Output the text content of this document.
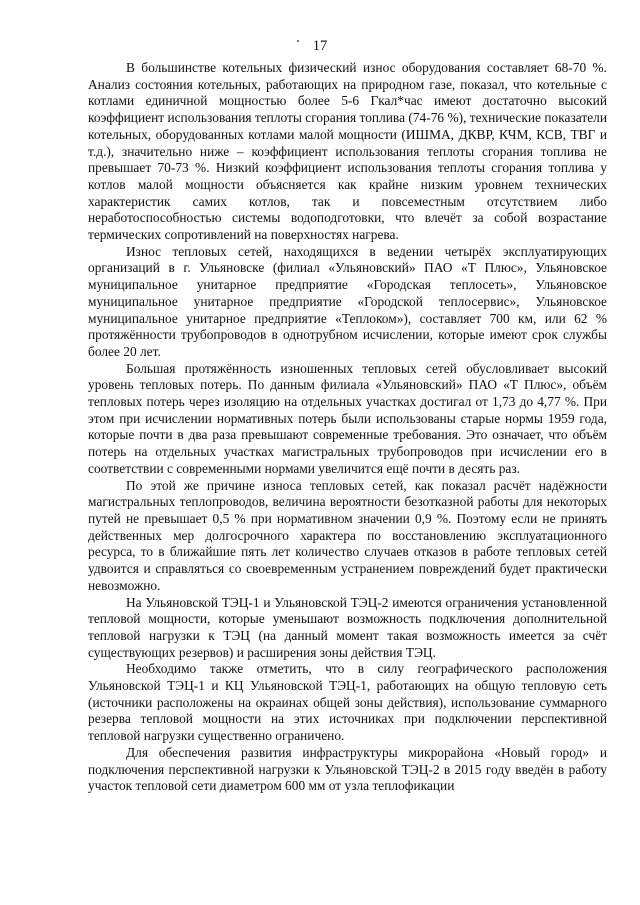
17

В большинстве котельных физический износ оборудования составляет 68-70 %. Анализ состояния котельных, работающих на природном газе, показал, что котельные с котлами единичной мощностью более 5-6 Гкал*час имеют достаточно высокий коэффициент использования теплоты сгорания топлива (74-76 %), технические показатели котельных, оборудованных котлами малой мощности (ИШМА, ДКВР, КЧМ, КСВ, ТВГ и т.д.), значительно ниже – коэффициент использования теплоты сгорания топлива не превышает 70-73 %. Низкий коэффициент использования теплоты сгорания топлива у котлов малой мощности объясняется как крайне низким уровнем технических характеристик самих котлов, так и повсеместным отсутствием либо неработоспособностью системы водоподготовки, что влечёт за собой возрастание термических сопротивлений на поверхностях нагрева.

Износ тепловых сетей, находящихся в ведении четырёх эксплуатирующих организаций в г. Ульяновске (филиал «Ульяновский» ПАО «Т Плюс», Ульяновское муниципальное унитарное предприятие «Городская теплосеть», Ульяновское муниципальное унитарное предприятие «Городской теплосервис», Ульяновское муниципальное унитарное предприятие «Теплоком»), составляет 700 км, или 62 % протяжённости трубопроводов в однотрубном исчислении, которые имеют срок службы более 20 лет.

Большая протяжённость изношенных тепловых сетей обусловливает высокий уровень тепловых потерь. По данным филиала «Ульяновский» ПАО «Т Плюс», объём тепловых потерь через изоляцию на отдельных участках достигал от 1,73 до 4,77 %. При этом при исчислении нормативных потерь были использованы старые нормы 1959 года, которые почти в два раза превышают современные требования. Это означает, что объём потерь на отдельных участках магистральных трубопроводов при исчислении его в соответствии с современными нормами увеличится ещё почти в десять раз.

По этой же причине износа тепловых сетей, как показал расчёт надёжности магистральных теплопроводов, величина вероятности безотказной работы для некоторых путей не превышает 0,5 % при нормативном значении 0,9 %. Поэтому если не принять действенных мер долгосрочного характера по восстановлению эксплуатационного ресурса, то в ближайшие пять лет количество случаев отказов в работе тепловых сетей удвоится и справляться со своевременным устранением повреждений будет практически невозможно.

На Ульяновской ТЭЦ-1 и Ульяновской ТЭЦ-2 имеются ограничения установленной тепловой мощности, которые уменьшают возможность подключения дополнительной тепловой нагрузки к ТЭЦ (на данный момент такая возможность имеется за счёт существующих резервов) и расширения зоны действия ТЭЦ.

Необходимо также отметить, что в силу географического расположения Ульяновской ТЭЦ-1 и КЦ Ульяновской ТЭЦ-1, работающих на общую тепловую сеть (источники расположены на окраинах общей зоны действия), использование суммарного резерва тепловой мощности на этих источниках при подключении перспективной тепловой нагрузки существенно ограничено.

Для обеспечения развития инфраструктуры микрорайона «Новый город» и подключения перспективной нагрузки к Ульяновской ТЭЦ-2 в 2015 году введён в работу участок тепловой сети диаметром 600 мм от узла теплофикации
